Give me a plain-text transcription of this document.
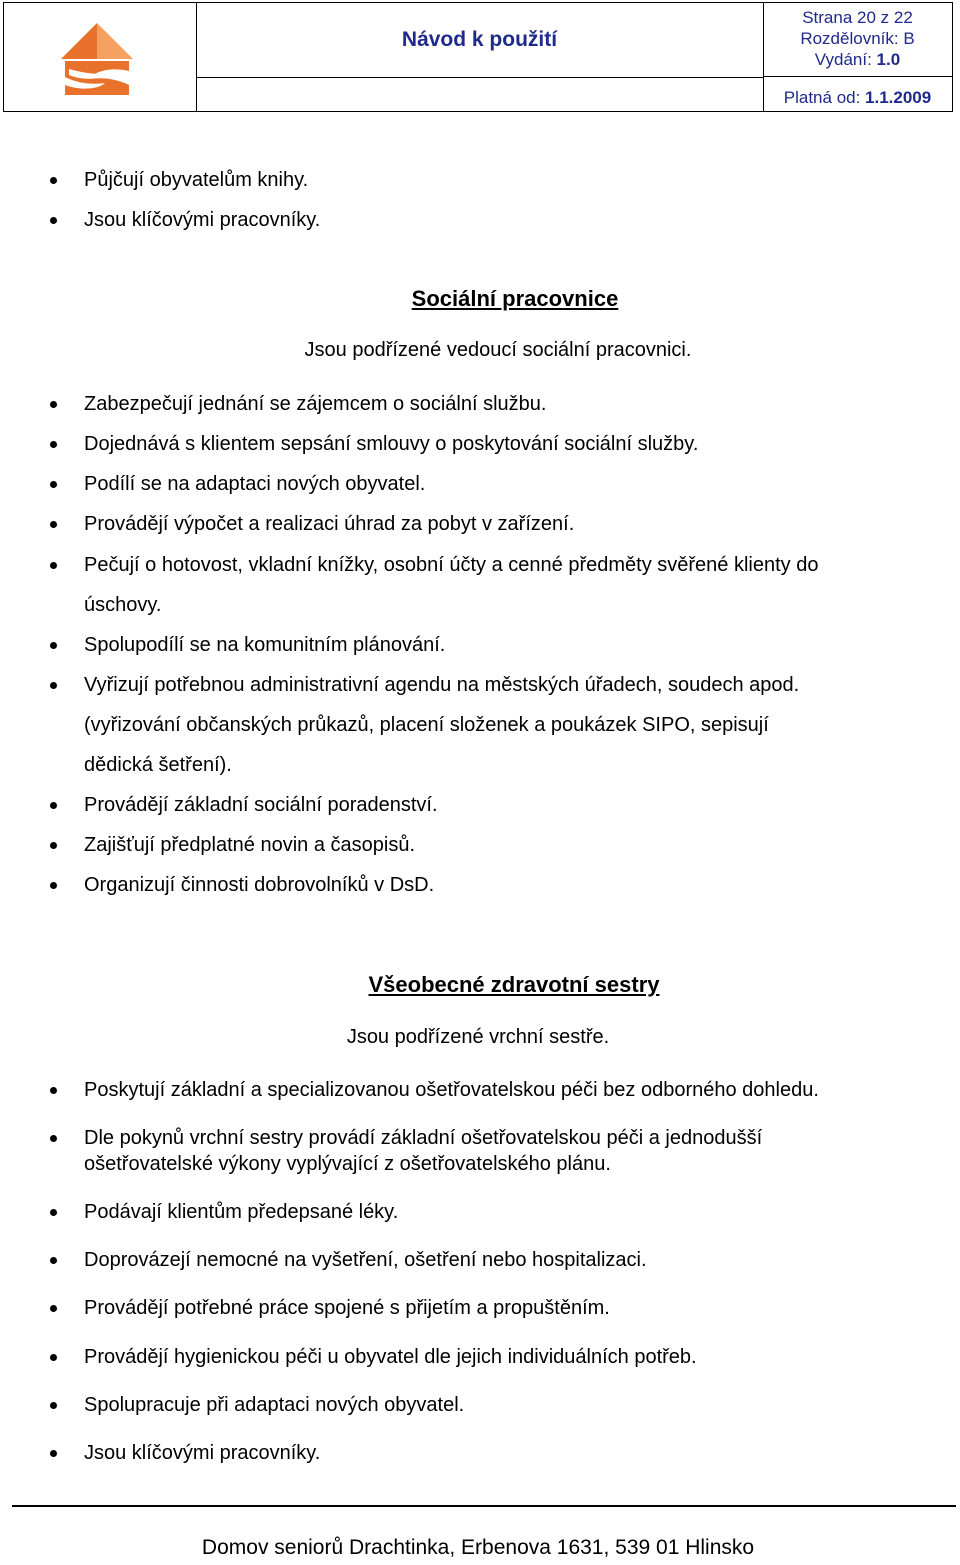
Návod k použití
Strana 20 z 22
Rozdělovník: B
Vydání: 1.0
Platná od: 1.1.2009
Půjčují obyvatelům knihy.
Jsou klíčovými pracovníky.
Sociální pracovnice
Jsou podřízené vedoucí sociální pracovnici.
Zabezpečují jednání se zájemcem o sociální službu.
Dojednává s klientem sepsání smlouvy o poskytování sociální služby.
Podílí se na adaptaci nových obyvatel.
Provádějí výpočet a realizaci úhrad za pobyt v zařízení.
Pečují o hotovost, vkladní knížky, osobní účty a cenné předměty svěřené klienty do
úschovy.
Spolupodílí se na komunitním plánování.
Vyřizují potřebnou administrativní agendu na městských úřadech, soudech apod.
(vyřizování občanských průkazů, placení složenek a poukázek SIPO, sepisují
dědická šetření).
Provádějí základní sociální poradenství.
Zajišťují předplatné novin a časopisů.
Organizují činnosti dobrovolníků v DsD.
Všeobecné zdravotní sestry
Jsou podřízené vrchní sestře.
Poskytují základní a specializovanou ošetřovatelskou péči bez odborného dohledu.
Dle pokynů vrchní sestry provádí základní ošetřovatelskou péči a jednodušší
ošetřovatelské výkony vyplývající z ošetřovatelského plánu.
Podávají klientům předepsané léky.
Doprovázejí nemocné na vyšetření, ošetření nebo hospitalizaci.
Provádějí potřebné práce spojené s přijetím a propuštěním.
Provádějí hygienickou péči u obyvatel dle jejich individuálních potřeb.
Spolupracuje při adaptaci nových obyvatel.
Jsou klíčovými pracovníky.
Domov seniorů Drachtinka, Erbenova 1631, 539 01 Hlinsko
